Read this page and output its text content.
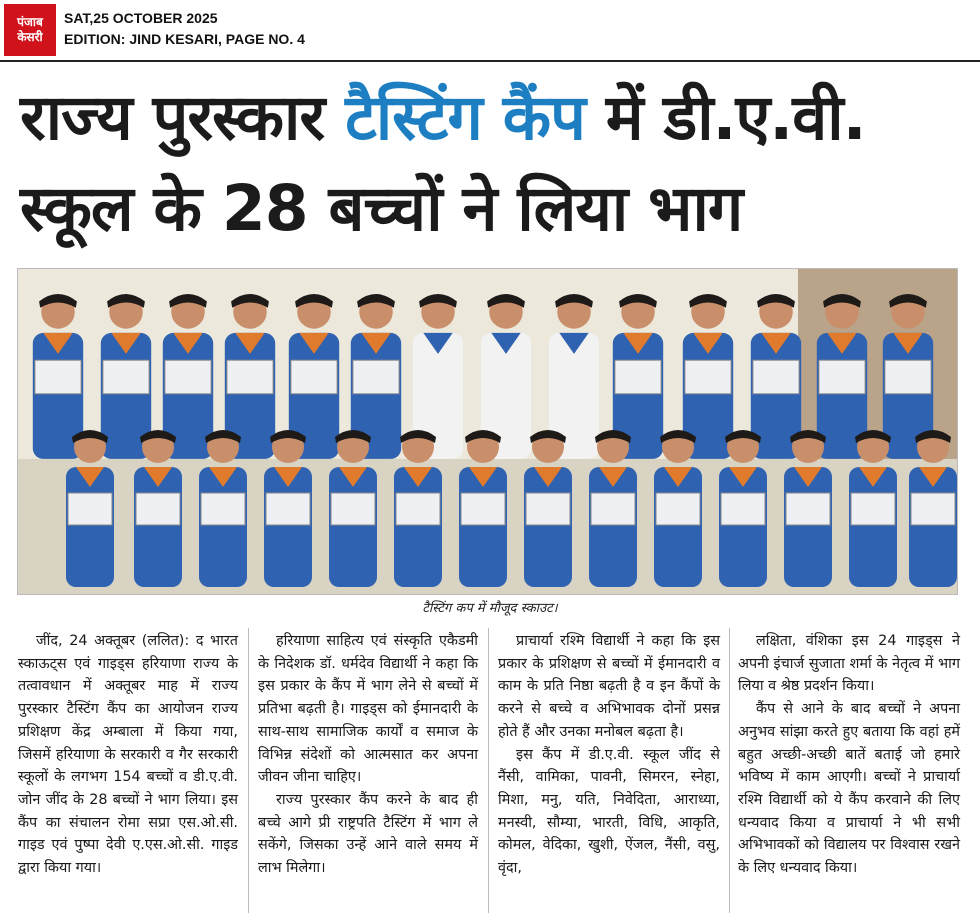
पंजाब
केसरी
SAT,25 OCTOBER 2025
EDITION: JIND KESARI, PAGE NO. 4
राज्य पुरस्कार टैस्टिंग कैंप में डी.ए.वी. स्कूल के 28 बच्चों ने लिया भाग
टैस्टिंग कप में मौजूद स्काउट।

जींद, 24 अक्तूबर (ललित): द भारत स्काऊट्स एवं गाइड्स हरियाणा राज्य के तत्वावधान में अक्तूबर माह में राज्य पुरस्कार टैस्टिंग कैंप का आयोजन राज्य प्रशिक्षण केंद्र अम्बाला में किया गया, जिसमें हरियाणा के सरकारी व गैर सरकारी स्कूलों के लगभग 154 बच्चों व डी.ए.वी. जोन जींद के 28 बच्चों ने भाग लिया। इस कैंप का संचालन रोमा सप्रा एस.ओ.सी. गाइड एवं पुष्पा देवी ए.एस.ओ.सी. गाइड द्वारा किया गया।

हरियाणा साहित्य एवं संस्कृति एकैडमी के निदेशक डॉ. धर्मदेव विद्यार्थी ने कहा कि इस प्रकार के कैंप में भाग लेने से बच्चों में प्रतिभा बढ़ती है। गाइड्स को ईमानदारी के साथ-साथ सामाजिक कार्यों व समाज के विभिन्न संदेशों को आत्मसात कर अपना जीवन जीना चाहिए।

राज्य पुरस्कार कैंप करने के बाद ही बच्चे आगे प्री राष्ट्रपति टैस्टिंग में भाग ले सकेंगे, जिसका उन्हें आने वाले समय में लाभ मिलेगा।

प्राचार्या रश्मि विद्यार्थी ने कहा कि इस प्रकार के प्रशिक्षण से बच्चों में ईमानदारी व काम के प्रति निष्ठा बढ़ती है व इन कैंपों के करने से बच्चे व अभिभावक दोनों प्रसन्न होते हैं और उनका मनोबल बढ़ता है।

इस कैंप में डी.ए.वी. स्कूल जींद से नैंसी, वामिका, पावनी, सिमरन, स्नेहा, मिशा, मनु, यति, निवेदिता, आराध्या, मनस्वी, सौम्या, भारती, विधि, आकृति, कोमल, वेदिका, खुशी, ऐंजल, नैंसी, वसु, वृंदा,

लक्षिता, वंशिका इस 24 गाइड्स ने अपनी इंचार्ज सुजाता शर्मा के नेतृत्व में भाग लिया व श्रेष्ठ प्रदर्शन किया।

कैंप से आने के बाद बच्चों ने अपना अनुभव सांझा करते हुए बताया कि वहां हमें बहुत अच्छी-अच्छी बातें बताई जो हमारे भविष्य में काम आएगी। बच्चों ने प्राचार्या रश्मि विद्यार्थी को ये कैंप करवाने की लिए धन्यवाद किया व प्राचार्या ने भी सभी अभिभावकों को विद्यालय पर विश्वास रखने के लिए धन्यवाद किया।
